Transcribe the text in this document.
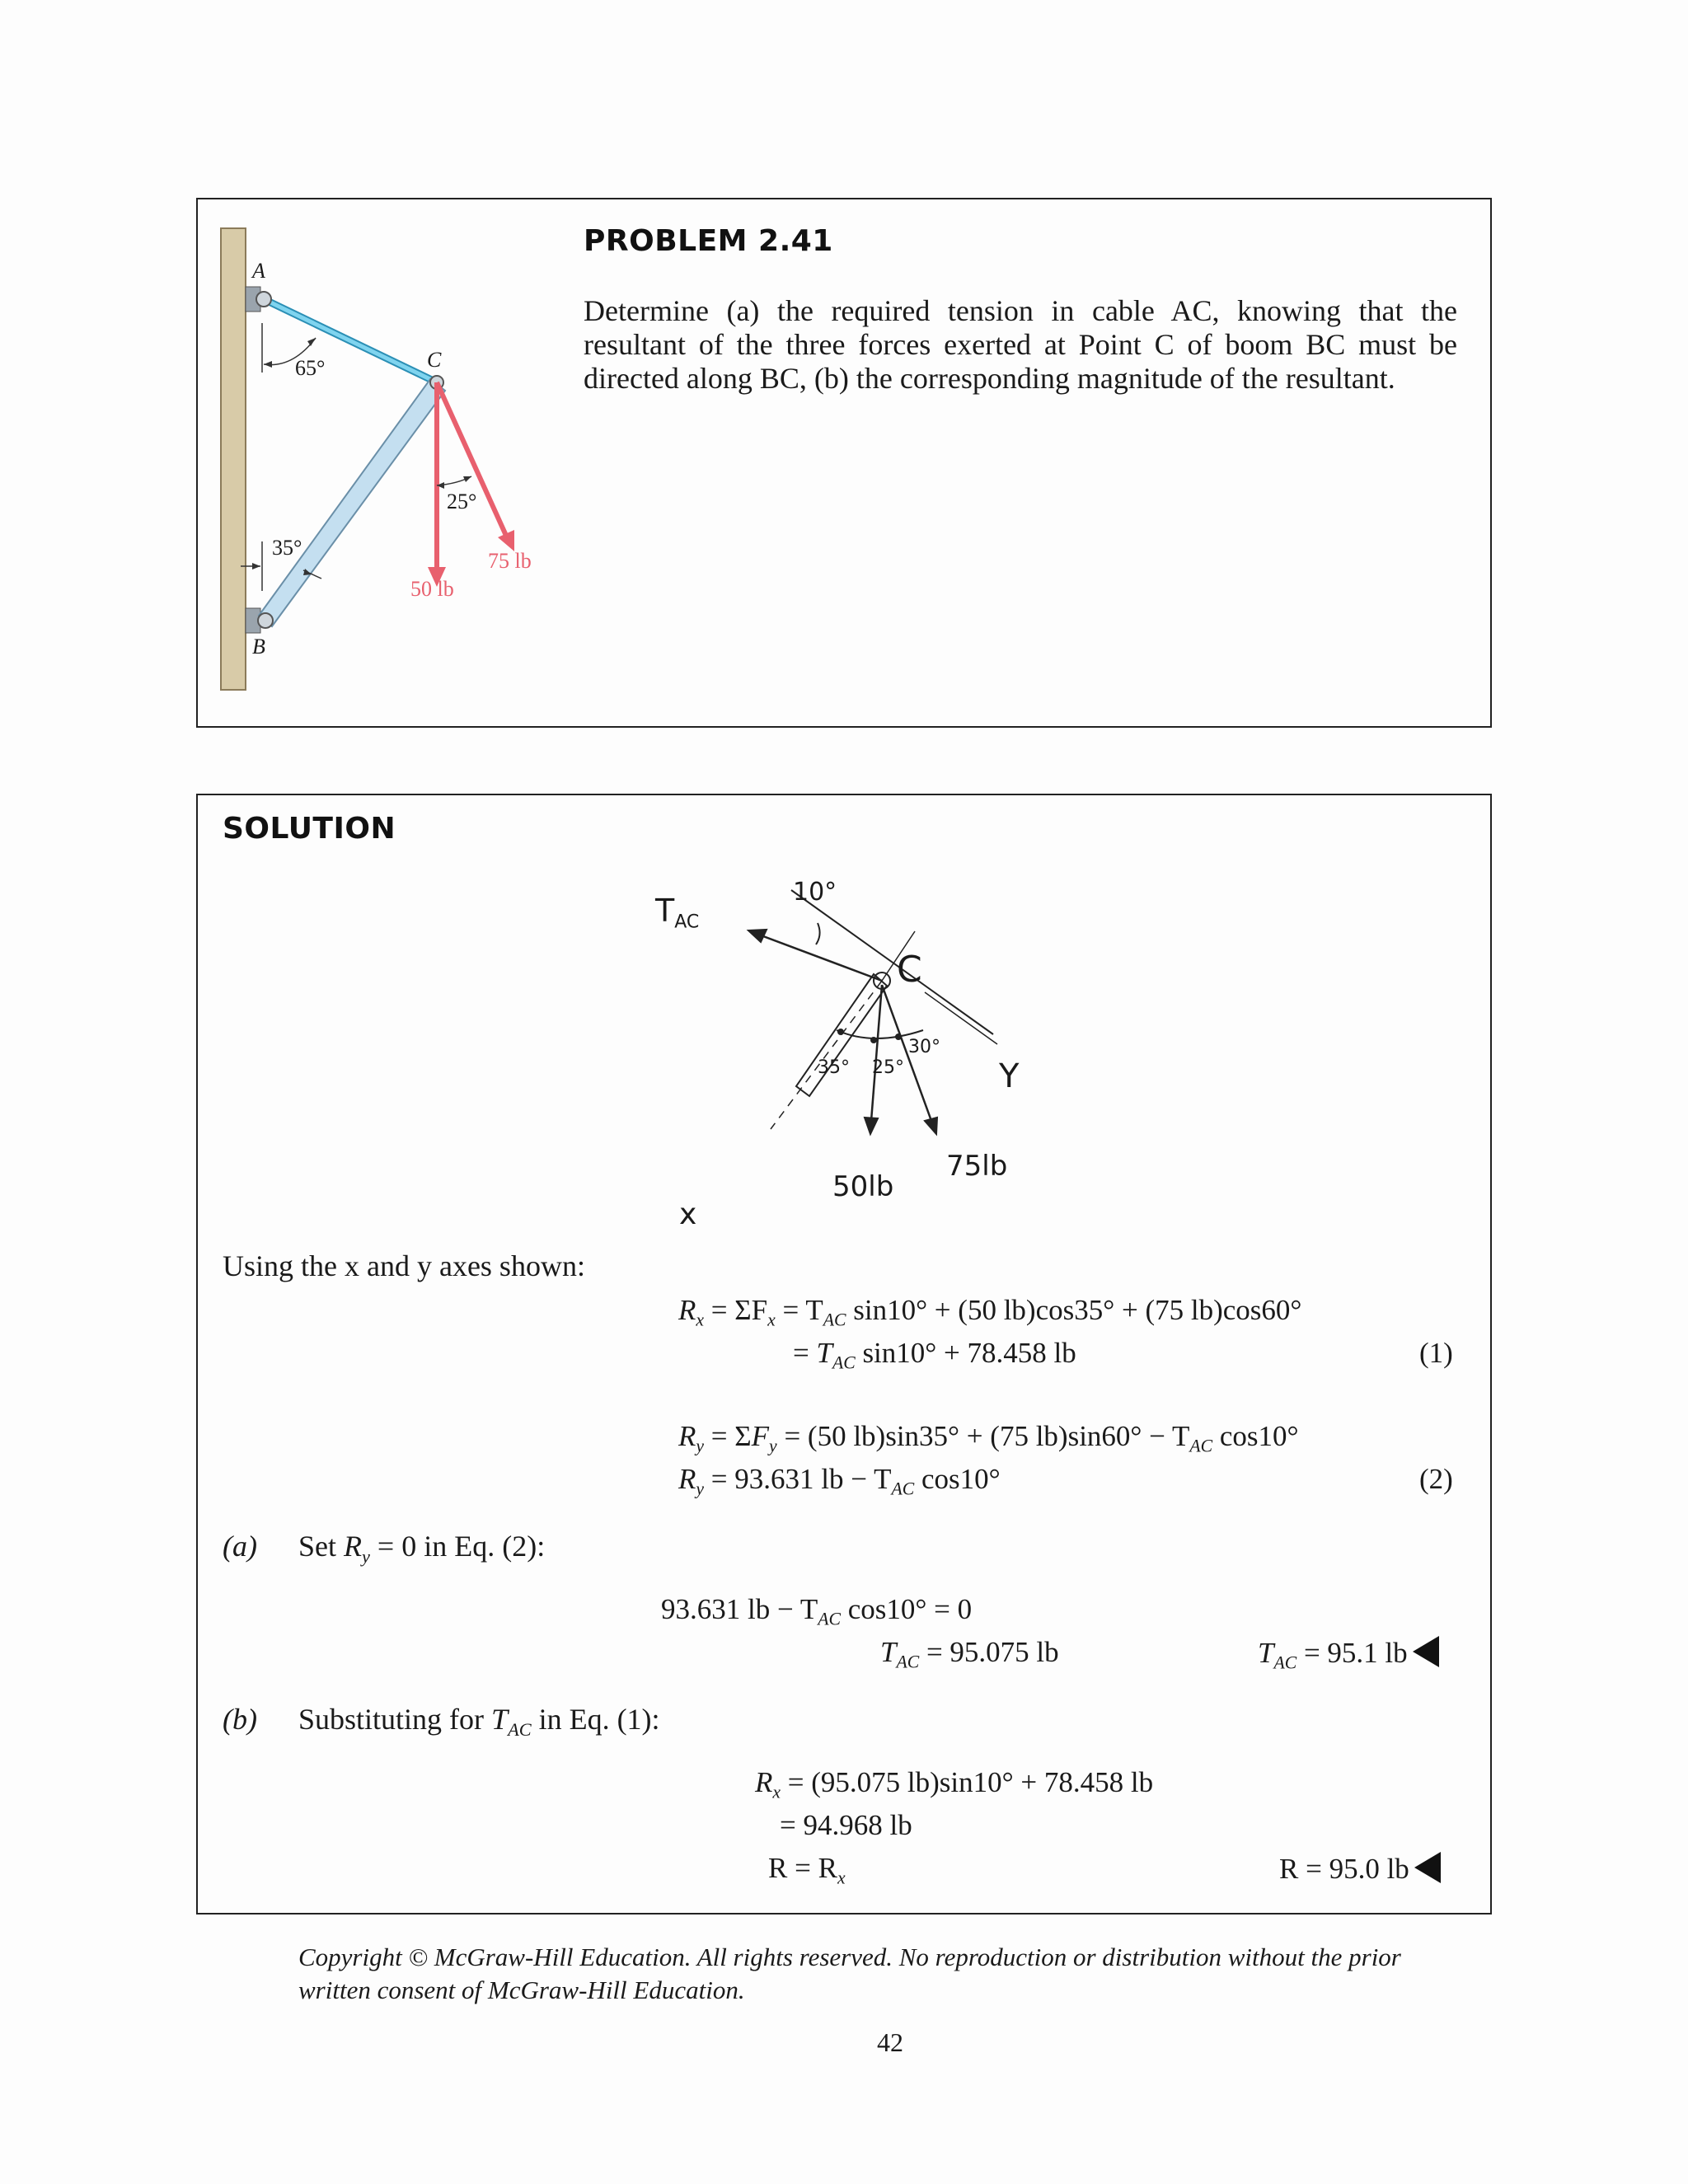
PROBLEM 2.41
Determine (a) the required tension in cable AC, knowing that the resultant of the three forces exerted at Point C of boom BC must be directed along BC, (b) the corresponding magnitude of the resultant.
A
B
C
65°
35°
25°
50 lb
75 lb
SOLUTION
$T_{AC}$
10°
C
35° 25°
30°
50lb
75lb
Y
x
Using the x and y axes shown:
$R_x = \Sigma F_x = T_{AC}$ sin10° + (50 lb)cos35° + (75 lb)cos60°
= $T_{AC}$ sin10° + 78.458 lb	(1)
$R_y = \Sigma F_y = (50$ lb)sin35° + (75 $lb)\sin 60^\circ - T_{AC}$ cos10°
$R_y = 93.631$ lb − $T_{AC}$ cos10°	(2)
(a) Set $R_y = 0$ in Eq. (2):
93.631 lb − $T_{AC}$ cos10° = 0
$T_{AC} = 95.075$ lb	$T_{AC} = 95.1$ lb
(b) Substituting for $T_{AC}$ in Eq. (1):
$R_x = (95.075$ lb)sin10° + 78.458 lb
= 94.968 lb
$R = R_x$	R = 95.0 lb
Copyright © McGraw-Hill Education. All rights reserved. No reproduction or distribution without the prior written consent of McGraw-Hill Education.
42
